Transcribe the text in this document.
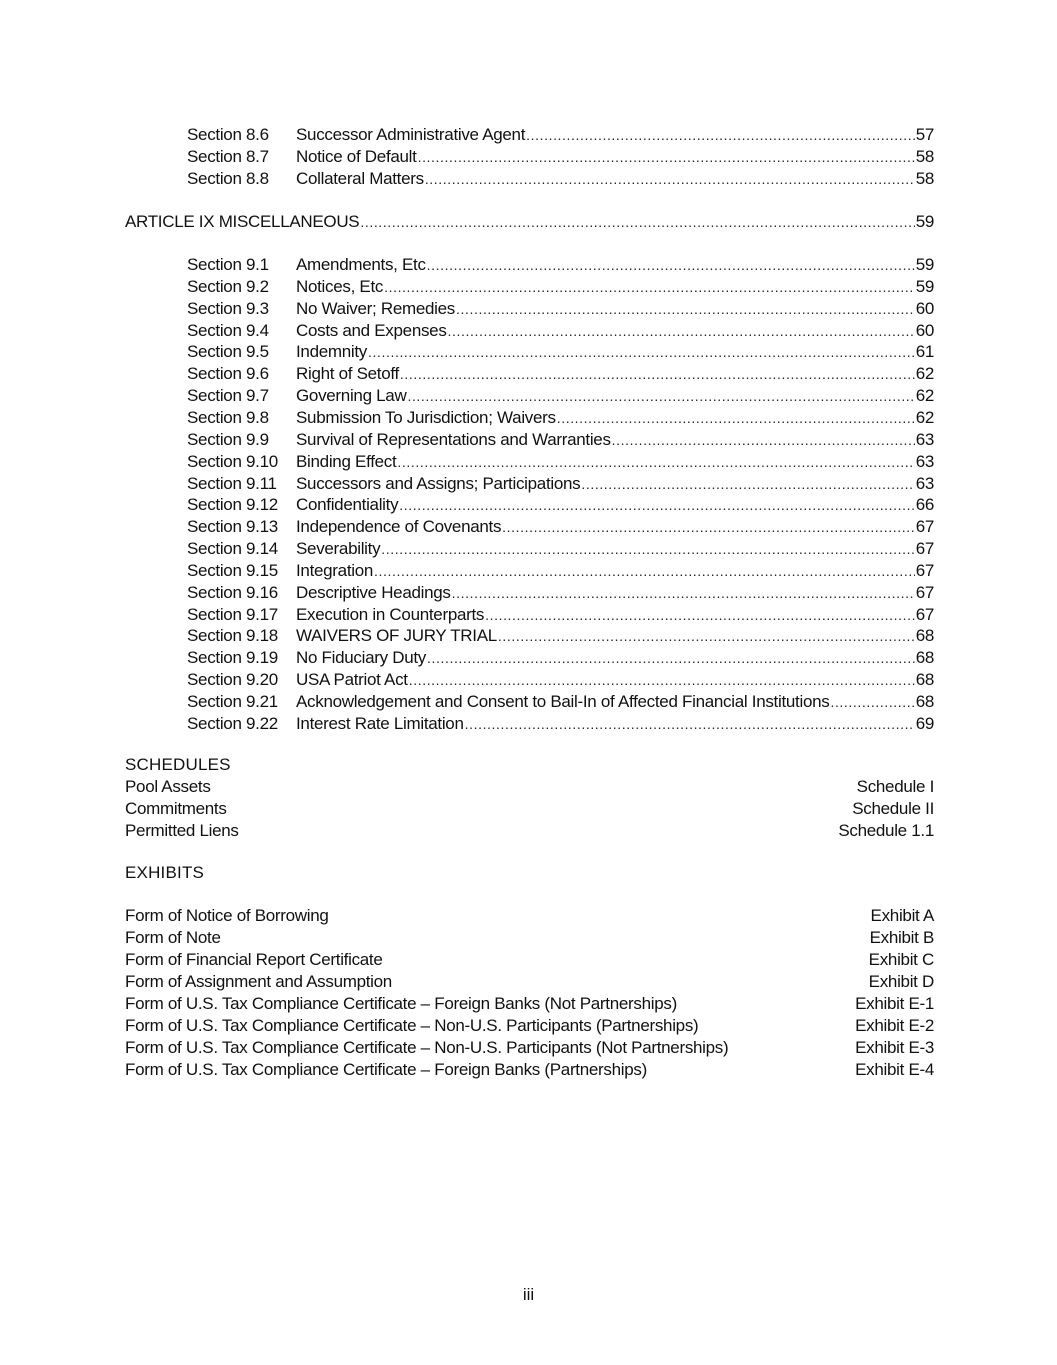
Section 8.6	Successor Administrative Agent .....	57
Section 8.7	Notice of Default .....	58
Section 8.8	Collateral Matters .....	58
ARTICLE IX MISCELLANEOUS .....	59
Section 9.1	Amendments, Etc .....	59
Section 9.2	Notices, Etc .....	59
Section 9.3	No Waiver; Remedies .....	60
Section 9.4	Costs and Expenses .....	60
Section 9.5	Indemnity .....	61
Section 9.6	Right of Setoff .....	62
Section 9.7	Governing Law .....	62
Section 9.8	Submission To Jurisdiction; Waivers .....	62
Section 9.9	Survival of Representations and Warranties .....	63
Section 9.10	Binding Effect .....	63
Section 9.11	Successors and Assigns; Participations .....	63
Section 9.12	Confidentiality .....	66
Section 9.13	Independence of Covenants .....	67
Section 9.14	Severability .....	67
Section 9.15	Integration .....	67
Section 9.16	Descriptive Headings .....	67
Section 9.17	Execution in Counterparts .....	67
Section 9.18	WAIVERS OF JURY TRIAL .....	68
Section 9.19	No Fiduciary Duty .....	68
Section 9.20	USA Patriot Act .....	68
Section 9.21	Acknowledgement and Consent to Bail-In of Affected Financial Institutions .....	68
Section 9.22	Interest Rate Limitation .....	69
SCHEDULES
Pool Assets	Schedule I
Commitments	Schedule II
Permitted Liens	Schedule 1.1
EXHIBITS
Form of Notice of Borrowing	Exhibit A
Form of Note	Exhibit B
Form of Financial Report Certificate	Exhibit C
Form of Assignment and Assumption	Exhibit D
Form of U.S. Tax Compliance Certificate – Foreign Banks (Not Partnerships)	Exhibit E-1
Form of U.S. Tax Compliance Certificate – Non-U.S. Participants (Partnerships)	Exhibit E-2
Form of U.S. Tax Compliance Certificate – Non-U.S. Participants (Not Partnerships)	Exhibit E-3
Form of U.S. Tax Compliance Certificate – Foreign Banks (Partnerships)	Exhibit E-4
iii
